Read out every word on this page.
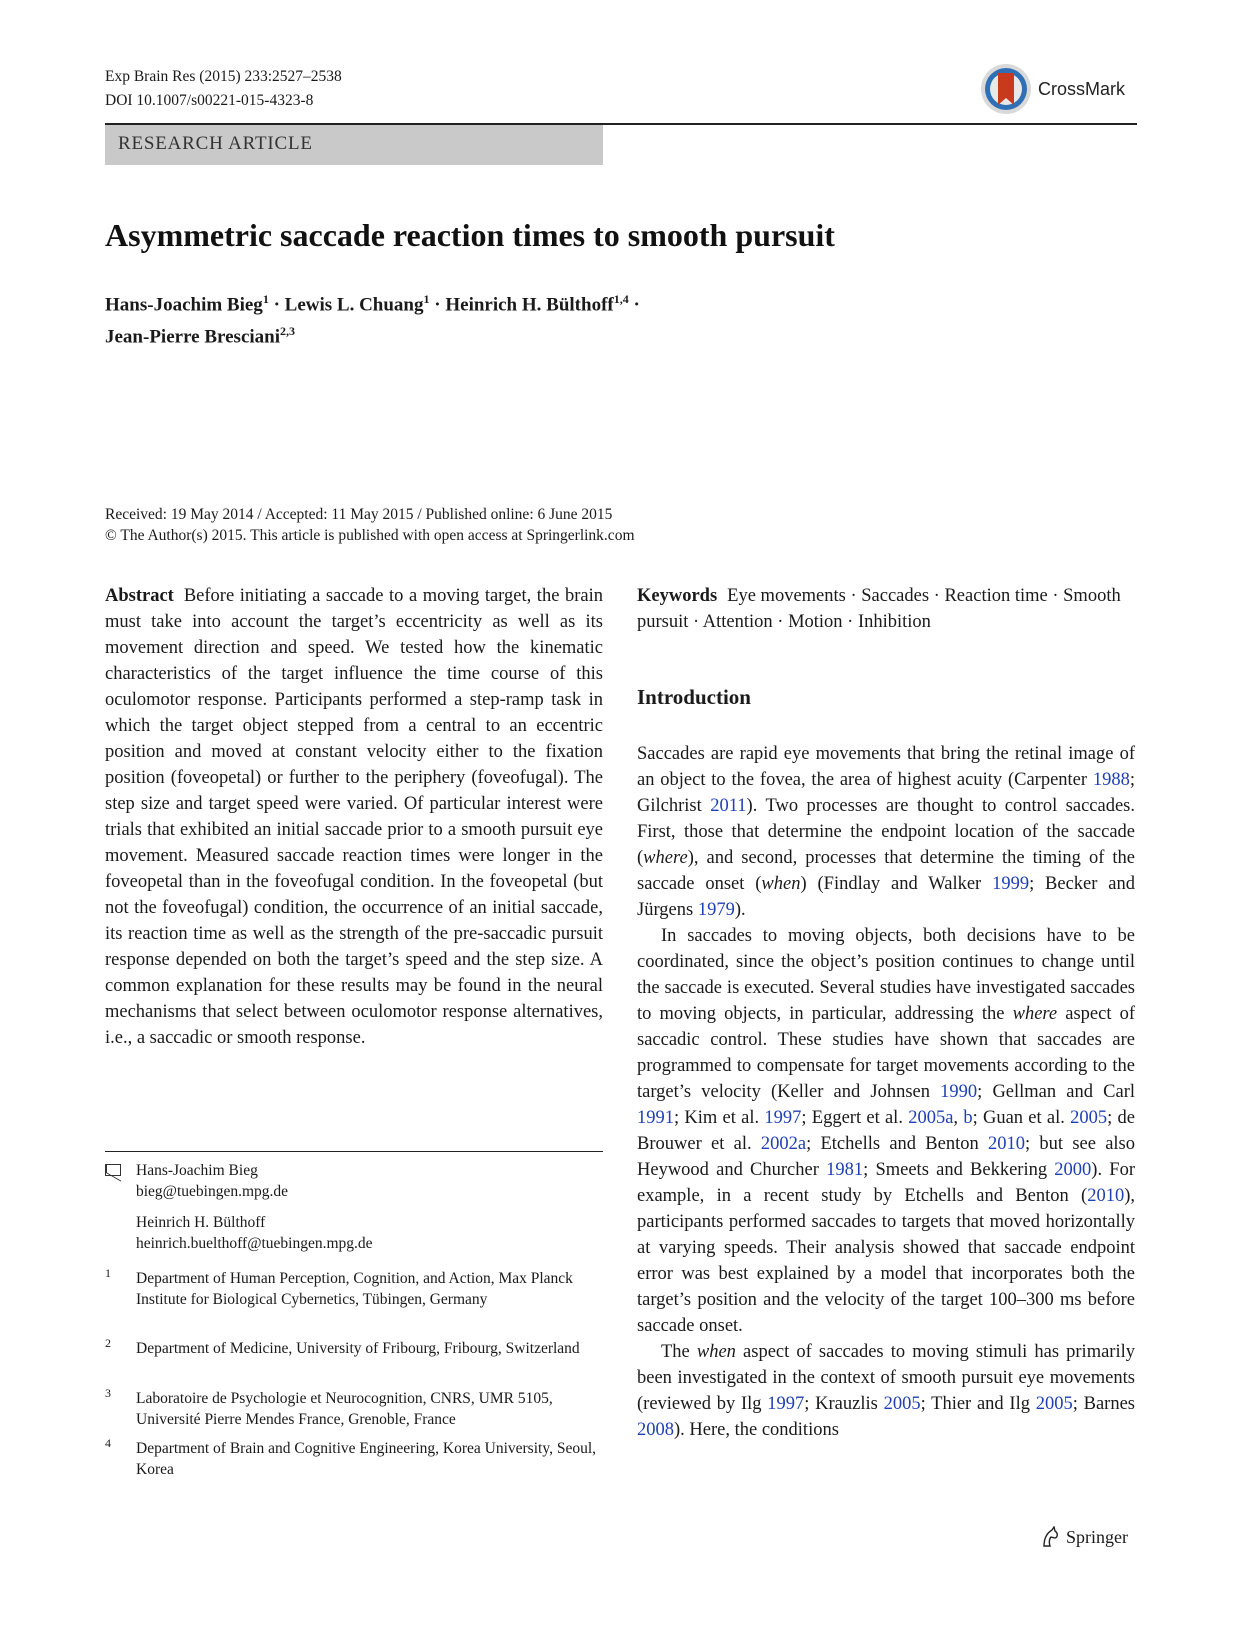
Exp Brain Res (2015) 233:2527–2538
DOI 10.1007/s00221-015-4323-8
CrossMark
RESEARCH ARTICLE
Asymmetric saccade reaction times to smooth pursuit
Hans-Joachim Bieg$^1$ · Lewis L. Chuang$^1$ · Heinrich H. Bülthoff$^{1,4}$ ·
Jean-Pierre Bresciani$^{2,3}$
Received: 19 May 2014 / Accepted: 11 May 2015 / Published online: 6 June 2015
© The Author(s) 2015. This article is published with open access at Springerlink.com
Abstract Before initiating a saccade to a moving target, the brain must take into account the target’s eccentricity as well as its movement direction and speed. We tested how the kinematic characteristics of the target influence the time course of this oculomotor response. Participants performed a step-ramp task in which the target object stepped from a central to an eccentric position and moved at constant velocity either to the fixation position (foveopetal) or further to the periphery (foveofugal). The step size and target speed were varied. Of particular interest were trials that exhibited an initial saccade prior to a smooth pursuit eye movement. Measured saccade reaction times were longer in the foveopetal than in the foveofugal condition. In the foveopetal (but not the foveofugal) condition, the occurrence of an initial saccade, its reaction time as well as the strength of the pre-saccadic pursuit response depended on both the target’s speed and the step size. A common explanation for these results may be found in the neural mechanisms that select between oculomotor response alternatives, i.e., a saccadic or smooth response.
Keywords Eye movements · Saccades · Reaction time · Smooth pursuit · Attention · Motion · Inhibition
Introduction

Saccades are rapid eye movements that bring the retinal image of an object to the fovea, the area of highest acuity (Carpenter 1988; Gilchrist 2011). Two processes are thought to control saccades. First, those that determine the endpoint location of the saccade (where), and second, processes that determine the timing of the saccade onset (when) (Findlay and Walker 1999; Becker and Jürgens 1979).

In saccades to moving objects, both decisions have to be coordinated, since the object’s position continues to change until the saccade is executed. Several studies have investigated saccades to moving objects, in particular, addressing the where aspect of saccadic control. These studies have shown that saccades are programmed to compensate for target movements according to the target’s velocity (Keller and Johnsen 1990; Gellman and Carl 1991; Kim et al. 1997; Eggert et al. 2005a, b; Guan et al. 2005; de Brouwer et al. 2002a; Etchells and Benton 2010; but see also Heywood and Churcher 1981; Smeets and Bekkering 2000). For example, in a recent study by Etchells and Benton (2010), participants performed saccades to targets that moved horizontally at varying speeds. Their analysis showed that saccade endpoint error was best explained by a model that incorporates both the target’s position and the velocity of the target 100–300 ms before saccade onset.

The when aspect of saccades to moving stimuli has primarily been investigated in the context of smooth pursuit eye movements (reviewed by Ilg 1997; Krauzlis 2005; Thier and Ilg 2005; Barnes 2008). Here, the conditions

Hans-Joachim Bieg
bieg@tuebingen.mpg.de
Heinrich H. Bülthoff
heinrich.buelthoff@tuebingen.mpg.de
1 Department of Human Perception, Cognition, and Action, Max Planck Institute for Biological Cybernetics, Tübingen, Germany
2 Department of Medicine, University of Fribourg, Fribourg, Switzerland
3 Laboratoire de Psychologie et Neurocognition, CNRS, UMR 5105, Université Pierre Mendes France, Grenoble, France
4 Department of Brain and Cognitive Engineering, Korea University, Seoul, Korea
Springer
